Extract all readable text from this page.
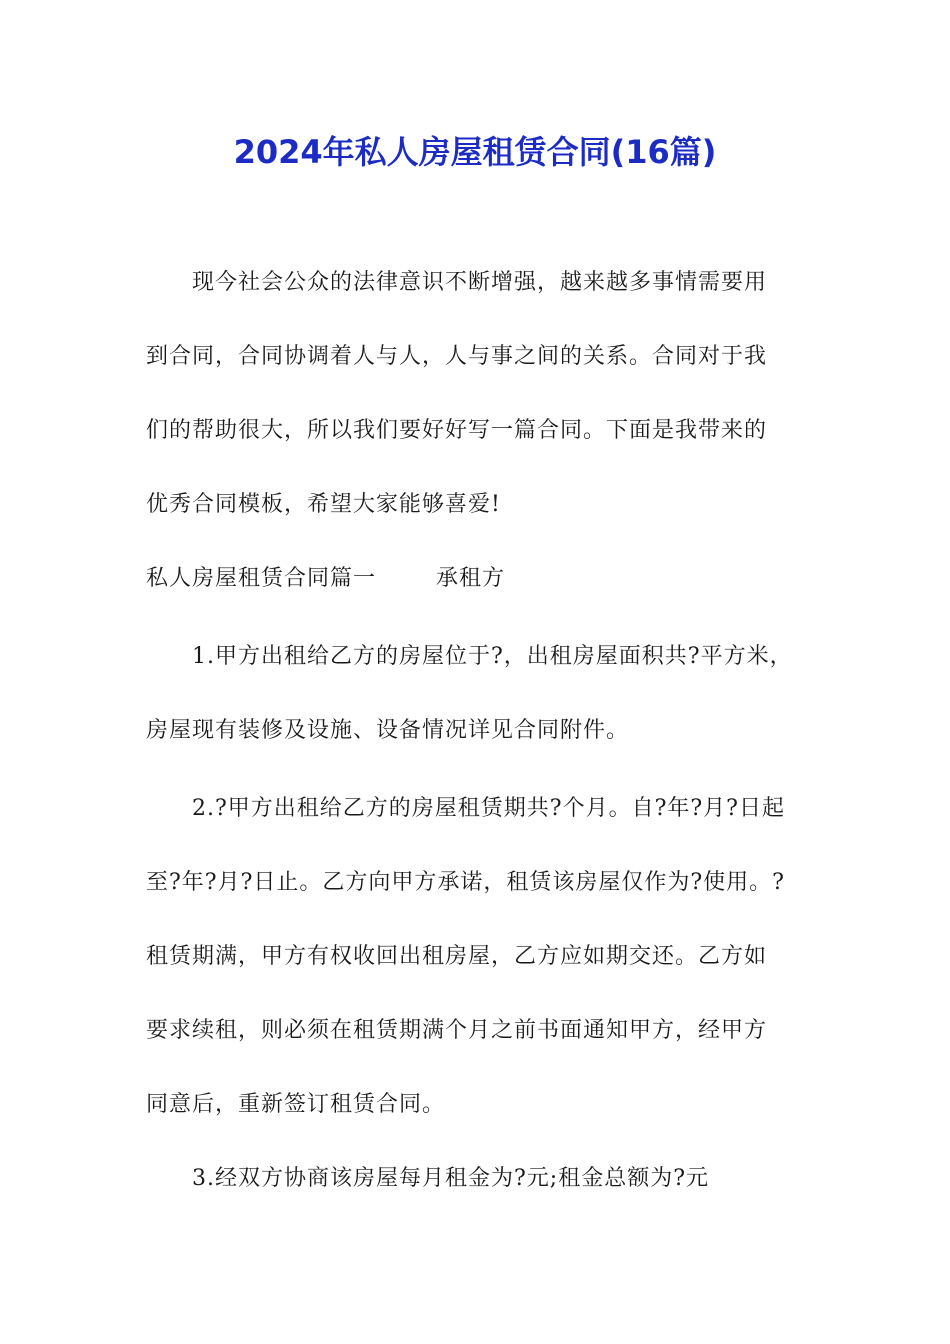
2024年私人房屋租赁合同(16篇)
现今社会公众的法律意识不断增强，越来越多事情需要用
到合同，合同协调着人与人，人与事之间的关系。合同对于我
们的帮助很大，所以我们要好好写一篇合同。下面是我带来的
优秀合同模板，希望大家能够喜爱!
私人房屋租赁合同篇一	承租方
1.甲方出租给乙方的房屋位于?，出租房屋面积共?平方米，
房屋现有装修及设施、设备情况详见合同附件。
2.?甲方出租给乙方的房屋租赁期共?个月。自?年?月?日起
至?年?月?日止。乙方向甲方承诺，租赁该房屋仅作为?使用。?
租赁期满，甲方有权收回出租房屋，乙方应如期交还。乙方如
要求续租，则必须在租赁期满个月之前书面通知甲方，经甲方
同意后，重新签订租赁合同。
3.经双方协商该房屋每月租金为?元;租金总额为?元
